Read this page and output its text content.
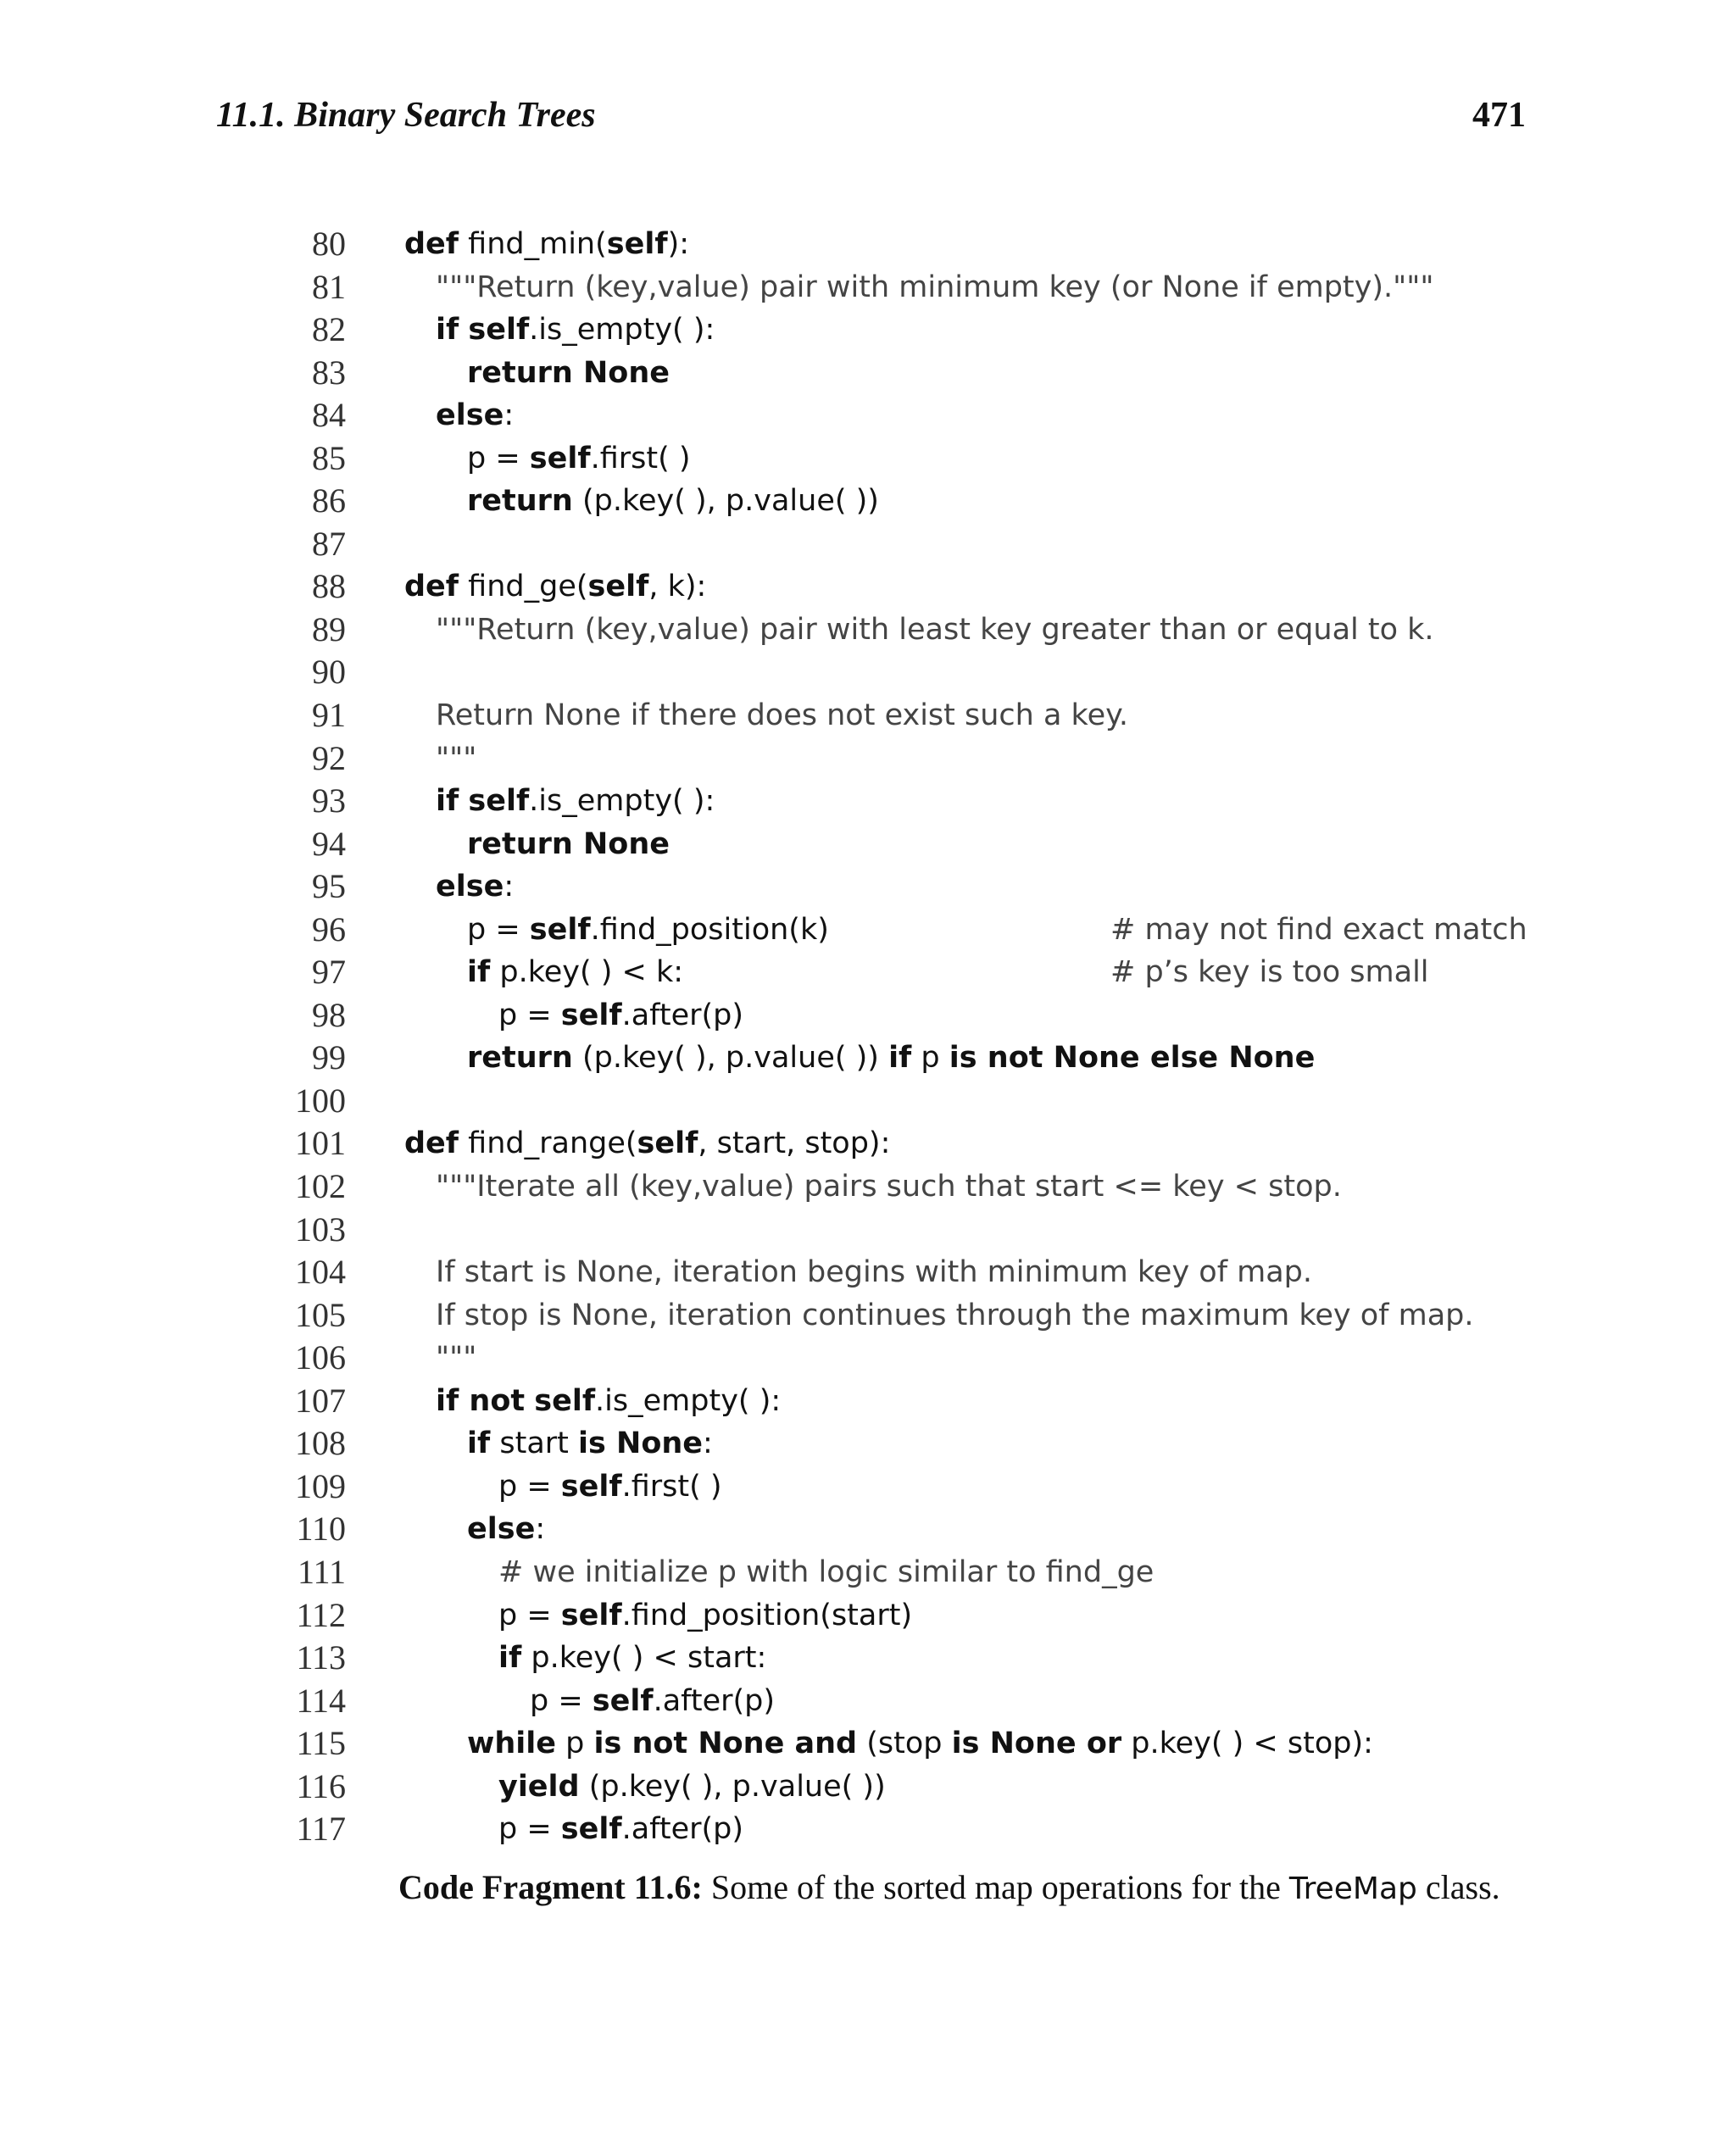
11.1. Binary Search Trees	471
80 def find_min(self):
81	"""Return (key,value) pair with minimum key (or None if empty)."""
82	if self.is_empty( ):
83	return None
84	else:
85	p = self.first( )
86	return (p.key( ), p.value( ))
87
88 def find_ge(self, k):
89	"""Return (key,value) pair with least key greater than or equal to k.
90
91	Return None if there does not exist such a key.
92	"""
93	if self.is_empty( ):
94	return None
95	else:
96	p = self.find_position(k)	# may not find exact match
97	if p.key( ) < k:	# p’s key is too small
98	p = self.after(p)
99	return (p.key( ), p.value( )) if p is not None else None
100
101 def find_range(self, start, stop):
102	"""Iterate all (key,value) pairs such that start <= key < stop.
103
104	If start is None, iteration begins with minimum key of map.
105	If stop is None, iteration continues through the maximum key of map.
106	"""
107	if not self.is_empty( ):
108	if start is None:
109	p = self.first( )
110	else:
111	# we initialize p with logic similar to find_ge
112	p = self.find_position(start)
113	if p.key( ) < start:
114	p = self.after(p)
115	while p is not None and (stop is None or p.key( ) < stop):
116	yield (p.key( ), p.value( ))
117	p = self.after(p)
Code Fragment 11.6: Some of the sorted map operations for the TreeMap class.
